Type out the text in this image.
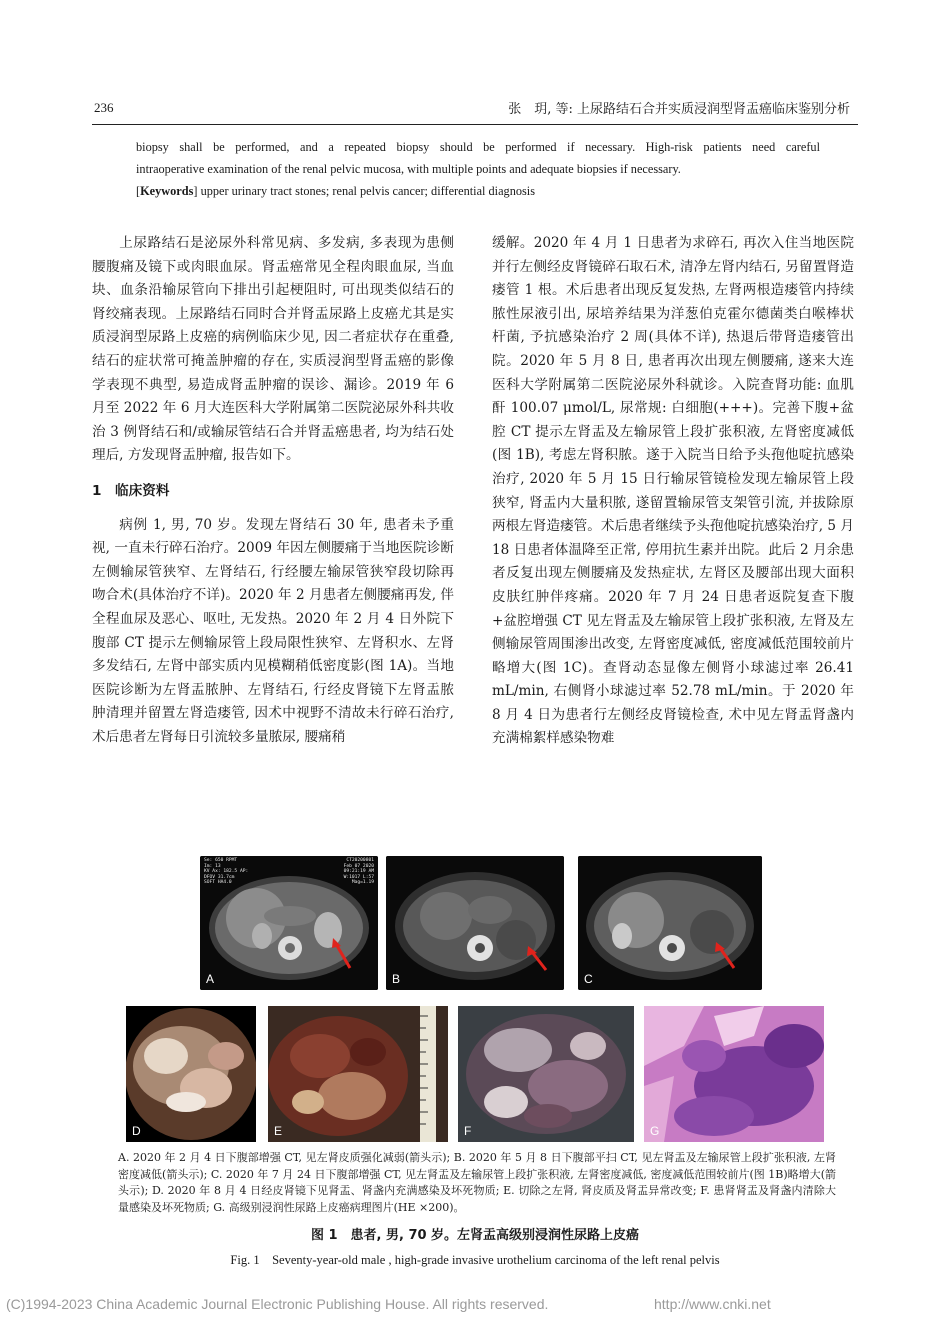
236	张　玥, 等: 上尿路结石合并实质浸润型肾盂癌临床鉴别分析

biopsy shall be performed, and a repeated biopsy should be performed if necessary. High-risk patients need careful

intraoperative examination of the renal pelvic mucosa, with multiple points and adequate biopsies if necessary.

[Keywords] upper urinary tract stones; renal pelvis cancer; differential diagnosis

上尿路结石是泌尿外科常见病、多发病, 多表现为患侧腰腹痛及镜下或肉眼血尿。肾盂癌常见全程肉眼血尿, 当血块、血条沿输尿管向下排出引起梗阻时, 可出现类似结石的肾绞痛表现。上尿路结石同时合并肾盂尿路上皮癌尤其是实质浸润型尿路上皮癌的病例临床少见, 因二者症状存在重叠, 结石的症状常可掩盖肿瘤的存在, 实质浸润型肾盂癌的影像学表现不典型, 易造成肾盂肿瘤的误诊、漏诊。2019 年 6 月至 2022 年 6 月大连医科大学附属第二医院泌尿外科共收治 3 例肾结石和/或输尿管结石合并肾盂癌患者, 均为结石处理后, 方发现肾盂肿瘤, 报告如下。

1　临床资料

病例 1, 男, 70 岁。发现左肾结石 30 年, 患者未予重视, 一直未行碎石治疗。2009 年因左侧腰痛于当地医院诊断左侧输尿管狭窄、左肾结石, 行经腰左输尿管狭窄段切除再吻合术(具体治疗不详)。2020 年 2 月患者左侧腰痛再发, 伴全程血尿及恶心、呕吐, 无发热。2020 年 2 月 4 日外院下腹部 CT 提示左侧输尿管上段局限性狭窄、左肾积水、左肾多发结石, 左肾中部实质内见模糊稍低密度影(图 1A)。当地医院诊断为左肾盂脓肿、左肾结石, 行经皮肾镜下左肾盂脓肿清理并留置左肾造瘘管, 因术中视野不清故未行碎石治疗, 术后患者左肾每日引流较多量脓尿, 腰痛稍

缓解。2020 年 4 月 1 日患者为求碎石, 再次入住当地医院并行左侧经皮肾镜碎石取石术, 清净左肾内结石, 另留置肾造瘘管 1 根。术后患者出现反复发热, 左肾两根造瘘管内持续脓性尿液引出, 尿培养结果为洋葱伯克霍尔德菌类白喉棒状杆菌, 予抗感染治疗 2 周(具体不详), 热退后带肾造瘘管出院。2020 年 5 月 8 日, 患者再次出现左侧腰痛, 遂来大连医科大学附属第二医院泌尿外科就诊。入院查肾功能: 血肌酐 100.07 μmol/L, 尿常规: 白细胞(+++)。完善下腹+盆腔 CT 提示左肾盂及左输尿管上段扩张积液, 左肾密度减低(图 1B), 考虑左肾积脓。遂于入院当日给予头孢他啶抗感染治疗, 2020 年 5 月 15 日行输尿管镜检发现左输尿管上段狭窄, 肾盂内大量积脓, 遂留置输尿管支架管引流, 并拔除原两根左肾造瘘管。术后患者继续予头孢他啶抗感染治疗, 5 月 18 日患者体温降至正常, 停用抗生素并出院。此后 2 月余患者反复出现左侧腰痛及发热症状, 左肾区及腰部出现大面积皮肤红肿伴疼痛。2020 年 7 月 24 日患者返院复查下腹+盆腔增强 CT 见左肾盂及左输尿管上段扩张积液, 左肾及左侧输尿管周围渗出改变, 左肾密度减低, 密度减低范围较前片略增大(图 1C)。查肾动态显像左侧肾小球滤过率 26.41 mL/min, 右侧肾小球滤过率 52.78 mL/min。于 2020 年 8 月 4 日为患者行左侧经皮肾镜检查, 术中见左肾盂肾盏内充满棉絮样感染物难

Se: 650 RPMT
Im: 13
KV Ax: 182.5 AP:
DFOV 31.7cm
SOFT HA4.0
CT20200801
Feb 07 2020
09:21:19 AM
W:1017 L:57
Mag=1.19
A	B	C
D	E	F	G
A. 2020 年 2 月 4 日下腹部增强 CT, 见左肾皮质强化减弱(箭头示); B. 2020 年 5 月 8 日下腹部平扫 CT, 见左肾盂及左输尿管上段扩张积液, 左肾密度减低(箭头示); C. 2020 年 7 月 24 日下腹部增强 CT, 见左肾盂及左输尿管上段扩张积液, 左肾密度减低, 密度减低范围较前片(图 1B)略增大(箭头示); D. 2020 年 8 月 4 日经皮肾镜下见肾盂、肾盏内充满感染及坏死物质; E. 切除之左肾, 肾皮质及肾盂异常改变; F. 患肾肾盂及肾盏内清除大量感染及坏死物质; G. 高级别浸润性尿路上皮癌病理图片(HE ×200)。
图 1　患者, 男, 70 岁。左肾盂高级别浸润性尿路上皮癌
Fig. 1　Seventy-year-old male , high-grade invasive urothelium carcinoma of the left renal pelvis
(C)1994-2023 China Academic Journal Electronic Publishing House. All rights reserved.	http://www.cnki.net
